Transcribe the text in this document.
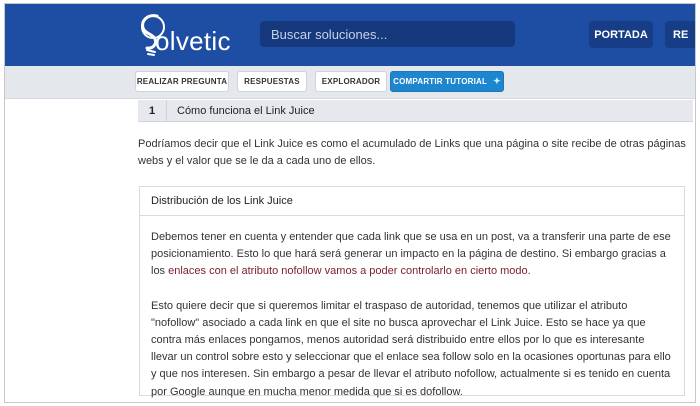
olvetic	Buscar soluciones...	PORTADA	RE
REALIZAR PREGUNTA	RESPUESTAS	EXPLORADOR	COMPARTIR TUTORIAL ✦
1	Cómo funciona el Link Juice
Podríamos decir que el Link Juice es como el acumulado de Links que una página o site recibe de otras páginas webs y el valor que se le da a cada uno de ellos.
Distribución de los Link Juice

Debemos tener en cuenta y entender que cada link que se usa en un post, va a transferir una parte de ese posicionamiento. Esto lo que hará será generar un impacto en la página de destino. Si embargo gracias a los enlaces con el atributo nofollow vamos a poder controlarlo en cierto modo.

Esto quiere decir que si queremos limitar el traspaso de autoridad, tenemos que utilizar el atributo "nofollow" asociado a cada link en que el site no busca aprovechar el Link Juice. Esto se hace ya que contra más enlaces pongamos, menos autoridad será distribuido entre ellos por lo que es interesante llevar un control sobre esto y seleccionar que el enlace sea follow solo en la ocasiones oportunas para ello y que nos interesen. Sin embargo a pesar de llevar el atributo nofollow, actualmente si es tenido en cuenta por Google aunque en mucha menor medida que si es dofollow.
